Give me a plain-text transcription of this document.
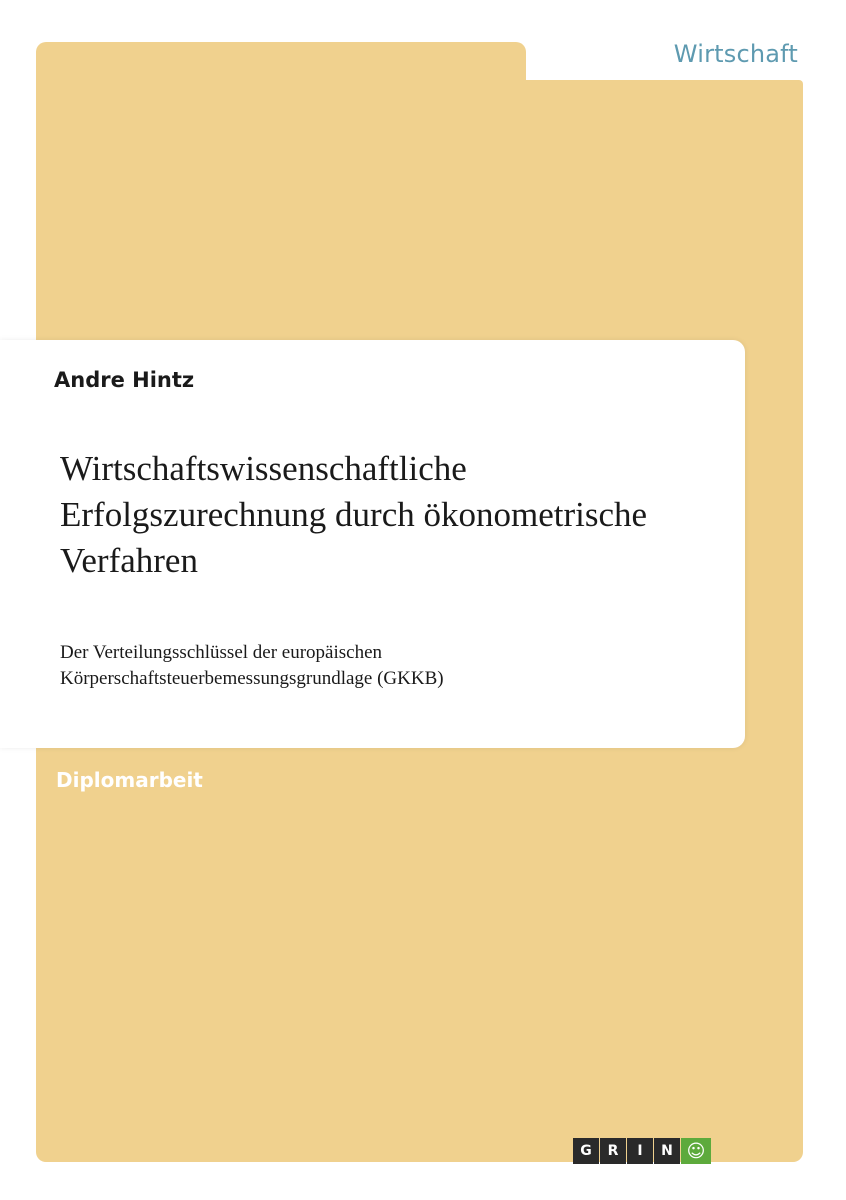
Wirtschaft
Andre Hintz
Wirtschaftswissenschaftliche
Erfolgszurechnung durch ökonometrische
Verfahren
Der Verteilungsschlüssel der europäischen
Körperschaftsteuerbemessungsgrundlage (GKKB)
Diplomarbeit
G	R	I	N ☺
